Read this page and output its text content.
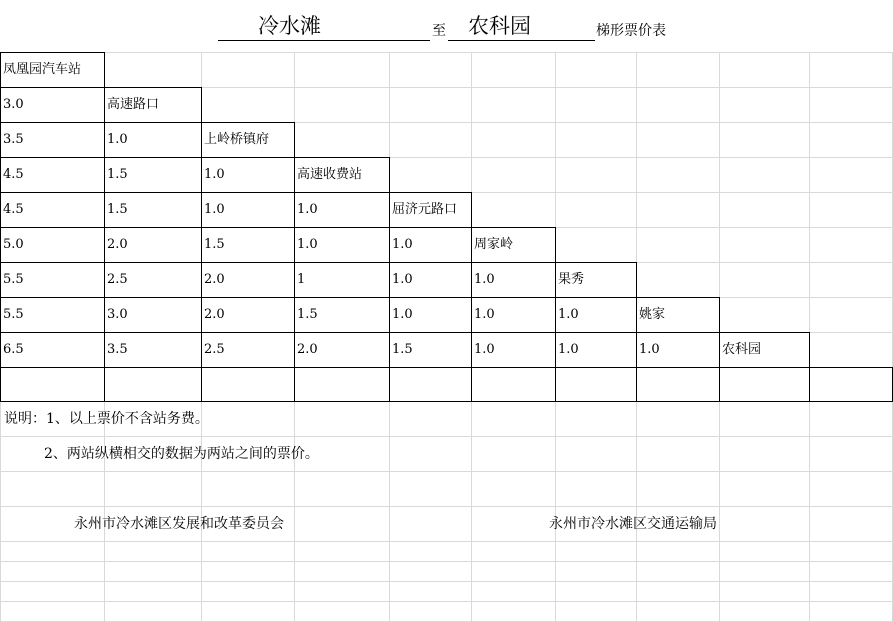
冷水滩	至 农科园	梯形票价表
凤凰园汽车站
3.0	高速路口
3.5	1.0	上岭桥镇府
4.5	1.5	1.0	高速收费站
4.5	1.5	1.0	1.0	屈济元路口
5.0	2.0	1.5	1.0	1.0	周家岭
5.5	2.5	2.0	1	1.0	1.0	果秀
5.5	3.0	2.0	1.5	1.0	1.0	1.0	姚家
6.5	3.5	2.5	2.0	1.5	1.0	1.0	1.0	农科园
说明：1、以上票价不含站务费。
2、两站纵横相交的数据为两站之间的票价。
永州市冷水滩区发展和改革委员会	永州市冷水滩区交通运输局
